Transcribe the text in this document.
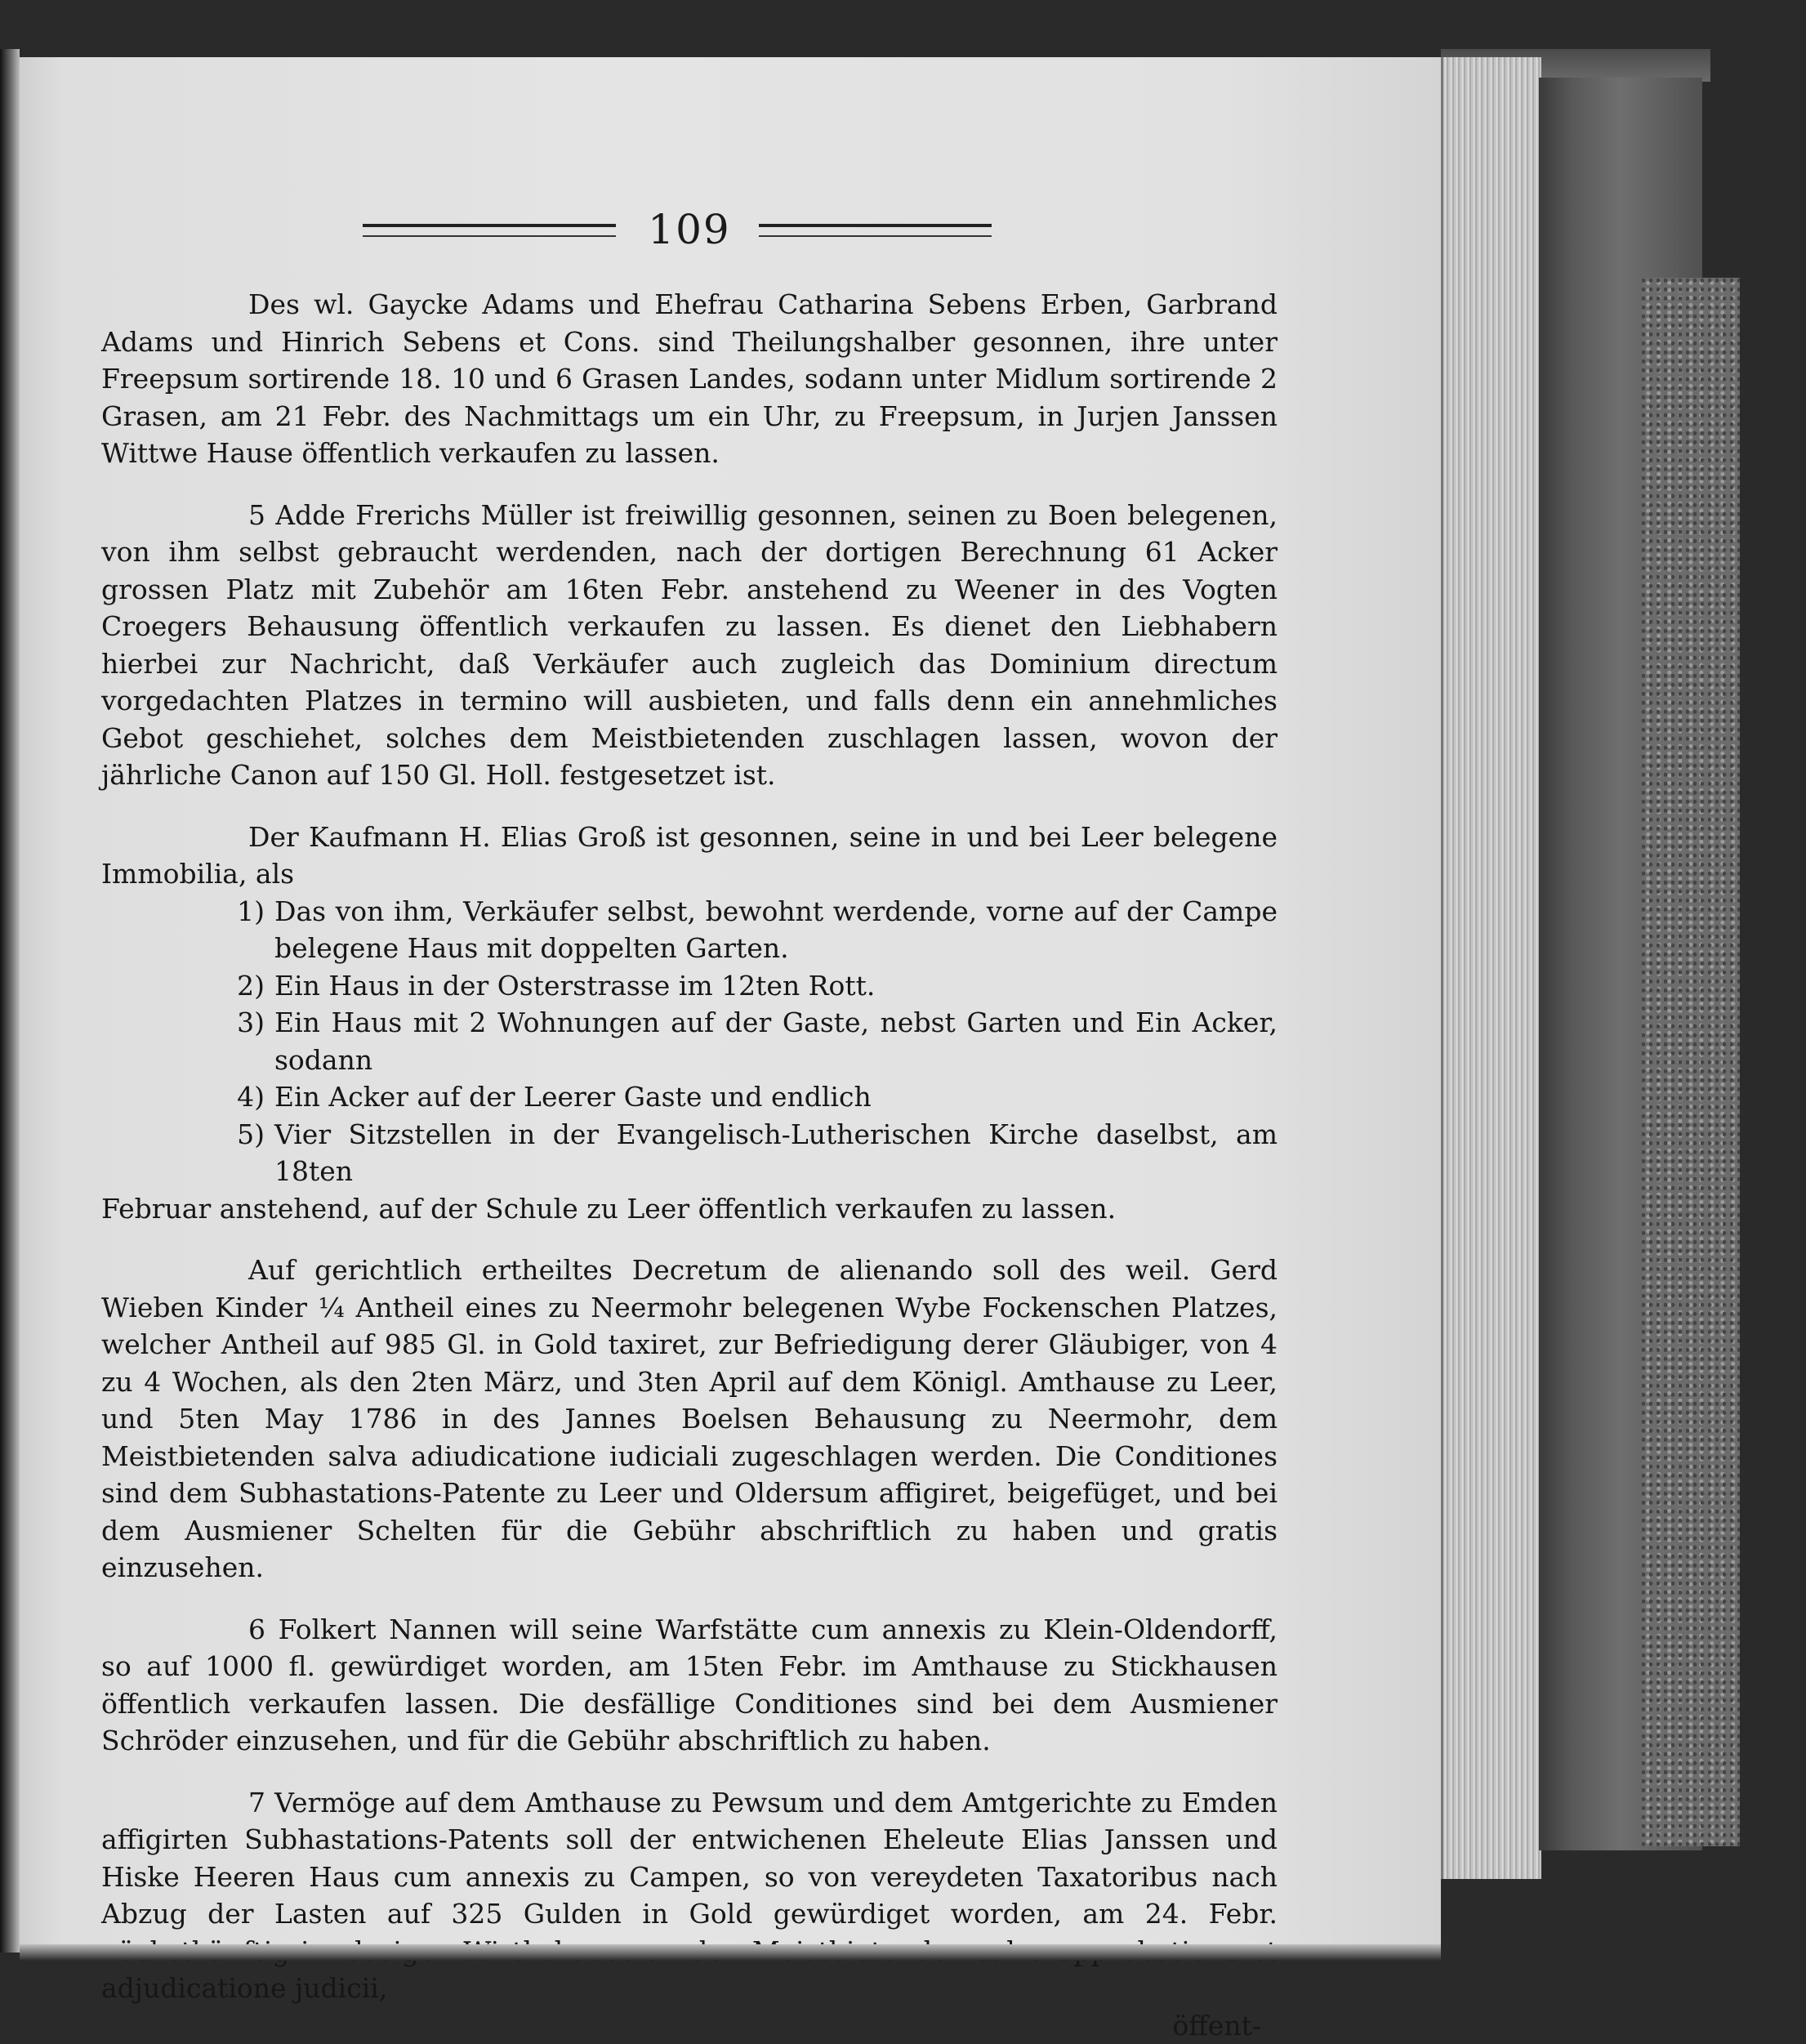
109

Des wl. Gaycke Adams und Ehefrau Catharina Sebens Erben, Garbrand Adams und Hinrich Sebens et Cons. sind Theilungshalber gesonnen, ihre unter Freepsum sortirende 18. 10 und 6 Grasen Landes, sodann unter Midlum sortirende 2 Grasen, am 21 Febr. des Nachmittags um ein Uhr, zu Freepsum, in Jurjen Janssen Wittwe Hause öffentlich verkaufen zu lassen.

5 Adde Frerichs Müller ist freiwillig gesonnen, seinen zu Boen belegenen, von ihm selbst gebraucht werdenden, nach der dortigen Berechnung 61 Acker grossen Platz mit Zubehör am 16ten Febr. anstehend zu Weener in des Vogten Croegers Behausung öffentlich verkaufen zu lassen. Es dienet den Liebhabern hierbei zur Nachricht, daß Verkäufer auch zugleich das Dominium directum vorgedachten Platzes in termino will ausbieten, und falls denn ein annehmliches Gebot geschiehet, solches dem Meistbietenden zuschlagen lassen, wovon der jährliche Canon auf 150 Gl. Holl. festgesetzet ist.

Der Kaufmann H. Elias Groß ist gesonnen, seine in und bei Leer belegene Immobilia, als
1) Das von ihm, Verkäufer selbst, bewohnt werdende, vorne auf der Campe belegene Haus mit doppelten Garten.
2) Ein Haus in der Osterstrasse im 12ten Rott.
3) Ein Haus mit 2 Wohnungen auf der Gaste, nebst Garten und Ein Acker, sodann
4) Ein Acker auf der Leerer Gaste und endlich
5) Vier Sitzstellen in der Evangelisch-Lutherischen Kirche daselbst, am 18ten
Februar anstehend, auf der Schule zu Leer öffentlich verkaufen zu lassen.

Auf gerichtlich ertheiltes Decretum de alienando soll des weil. Gerd Wieben Kinder ¼ Antheil eines zu Neermohr belegenen Wybe Fockenschen Platzes, welcher Antheil auf 985 Gl. in Gold taxiret, zur Befriedigung derer Gläubiger, von 4 zu 4 Wochen, als den 2ten März, und 3ten April auf dem Königl. Amthause zu Leer, und 5ten May 1786 in des Jannes Boelsen Behausung zu Neermohr, dem Meistbietenden salva adiudicatione iudiciali zugeschlagen werden. Die Conditiones sind dem Subhastations-Patente zu Leer und Oldersum affigiret, beigefüget, und bei dem Ausmiener Schelten für die Gebühr abschriftlich zu haben und gratis einzusehen.

6 Folkert Nannen will seine Warfstätte cum annexis zu Klein-Oldendorff, so auf 1000 fl. gewürdiget worden, am 15ten Febr. im Amthause zu Stickhausen öffentlich verkaufen lassen. Die desfällige Conditiones sind bei dem Ausmiener Schröder einzusehen, und für die Gebühr abschriftlich zu haben.

7 Vermöge auf dem Amthause zu Pewsum und dem Amtgerichte zu Emden affigirten Subhastations-Patents soll der entwichenen Eheleute Elias Janssen und Hiske Heeren Haus cum annexis zu Campen, so von vereydeten Taxatoribus nach Abzug der Lasten auf 325 Gulden in Gold gewürdiget worden, am 24. Febr. adjudicatione judicii,

öffent-
